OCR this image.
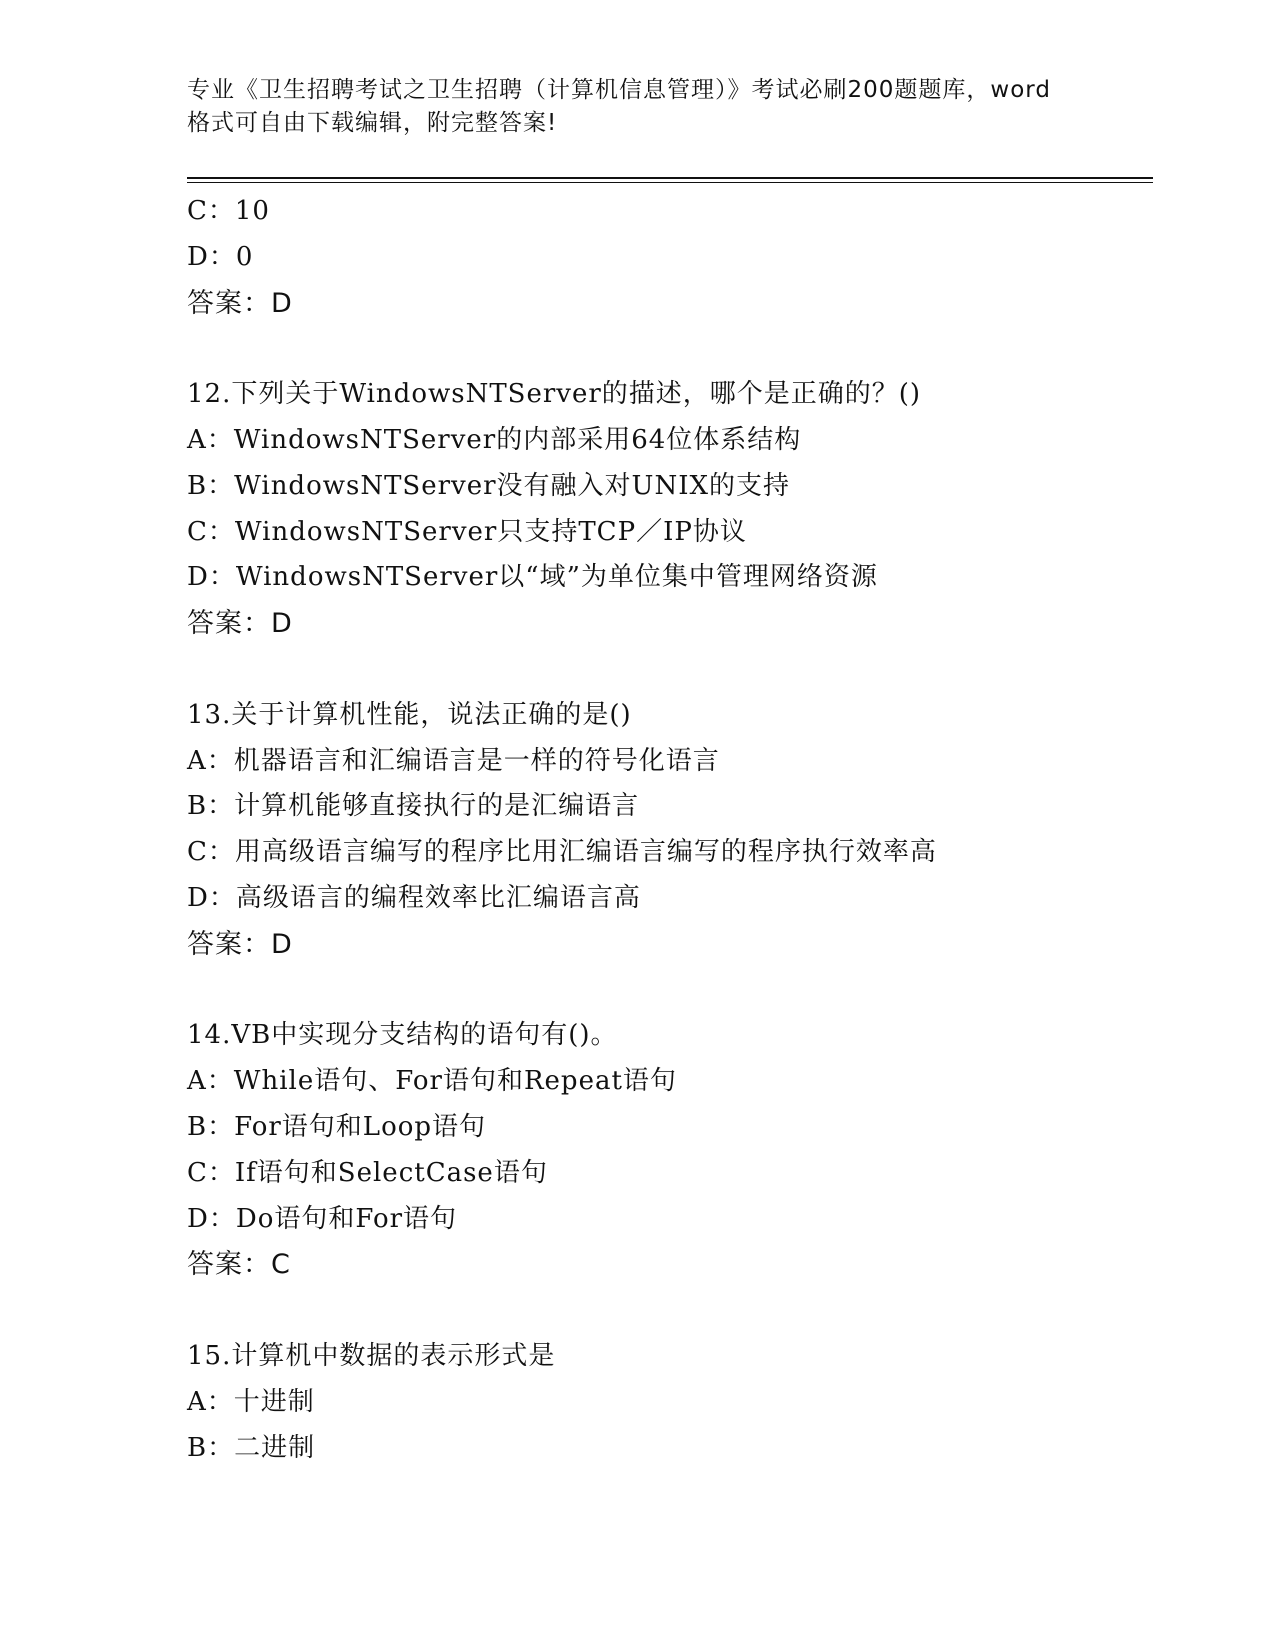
专业《卫生招聘考试之卫生招聘（计算机信息管理）》考试必刷200题题库，word
格式可自由下载编辑，附完整答案!
C：10
D：0
答案：D
12.下列关于WindowsNTServer的描述，哪个是正确的？()
A：WindowsNTServer的内部采用64位体系结构
B：WindowsNTServer没有融入对UNIX的支持
C：WindowsNTServer只支持TCP／IP协议
D：WindowsNTServer以“域”为单位集中管理网络资源
答案：D
13.关于计算机性能，说法正确的是()
A：机器语言和汇编语言是一样的符号化语言
B：计算机能够直接执行的是汇编语言
C：用高级语言编写的程序比用汇编语言编写的程序执行效率高
D：高级语言的编程效率比汇编语言高
答案：D
14.VB中实现分支结构的语句有()。
A：While语句、For语句和Repeat语句
B：For语句和Loop语句
C：If语句和SelectCase语句
D：Do语句和For语句
答案：C
15.计算机中数据的表示形式是
A：十进制
B：二进制
